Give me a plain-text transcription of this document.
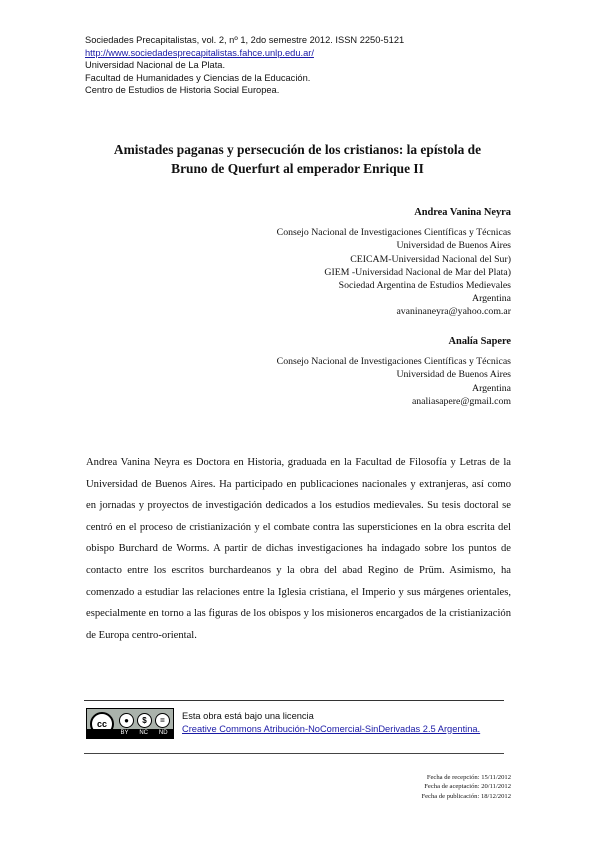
Sociedades Precapitalistas, vol. 2, nº 1, 2do semestre 2012. ISSN 2250-5121
http://www.sociedadesprecapitalistas.fahce.unlp.edu.ar/
Universidad Nacional de La Plata.
Facultad de Humanidades y Ciencias de la Educación.
Centro de Estudios de Historia Social Europea.
Amistades paganas y persecución de los cristianos: la epístola de
Bruno de Querfurt al emperador Enrique II
Andrea Vanina Neyra
Consejo Nacional de Investigaciones Científicas y Técnicas
Universidad de Buenos Aires
CEICAM-Universidad Nacional del Sur)
GIEM -Universidad Nacional de Mar del Plata)
Sociedad Argentina de Estudios Medievales
Argentina
avaninaneyra@yahoo.com.ar
Analía Sapere
Consejo Nacional de Investigaciones Científicas y Técnicas
Universidad de Buenos Aires
Argentina
analiasapere@gmail.com

Andrea Vanina Neyra es Doctora en Historia, graduada en la Facultad de Filosofía y Letras de la Universidad de Buenos Aires. Ha participado en publicaciones nacionales y extranjeras, así como en jornadas y proyectos de investigación dedicados a los estudios medievales. Su tesis doctoral se centró en el proceso de cristianización y el combate contra las supersticiones en la obra escrita del obispo Burchard de Worms. A partir de dichas investigaciones ha indagado sobre los puntos de contacto entre los escritos burchardeanos y la obra del abad Regino de Prüm. Asimismo, ha comenzado a estudiar las relaciones entre la Iglesia cristiana, el Imperio y sus márgenes orientales, especialmente en torno a las figuras de los obispos y los misioneros encargados de la cristianización de Europa centro-oriental.

cc	●	$	=
BY NC ND
Esta obra está bajo una licencia
Creative Commons Atribución-NoComercial-SinDerivadas 2.5 Argentina.
Fecha de recepción: 15/11/2012
Fecha de aceptación: 20/11/2012
Fecha de publicación: 18/12/2012
